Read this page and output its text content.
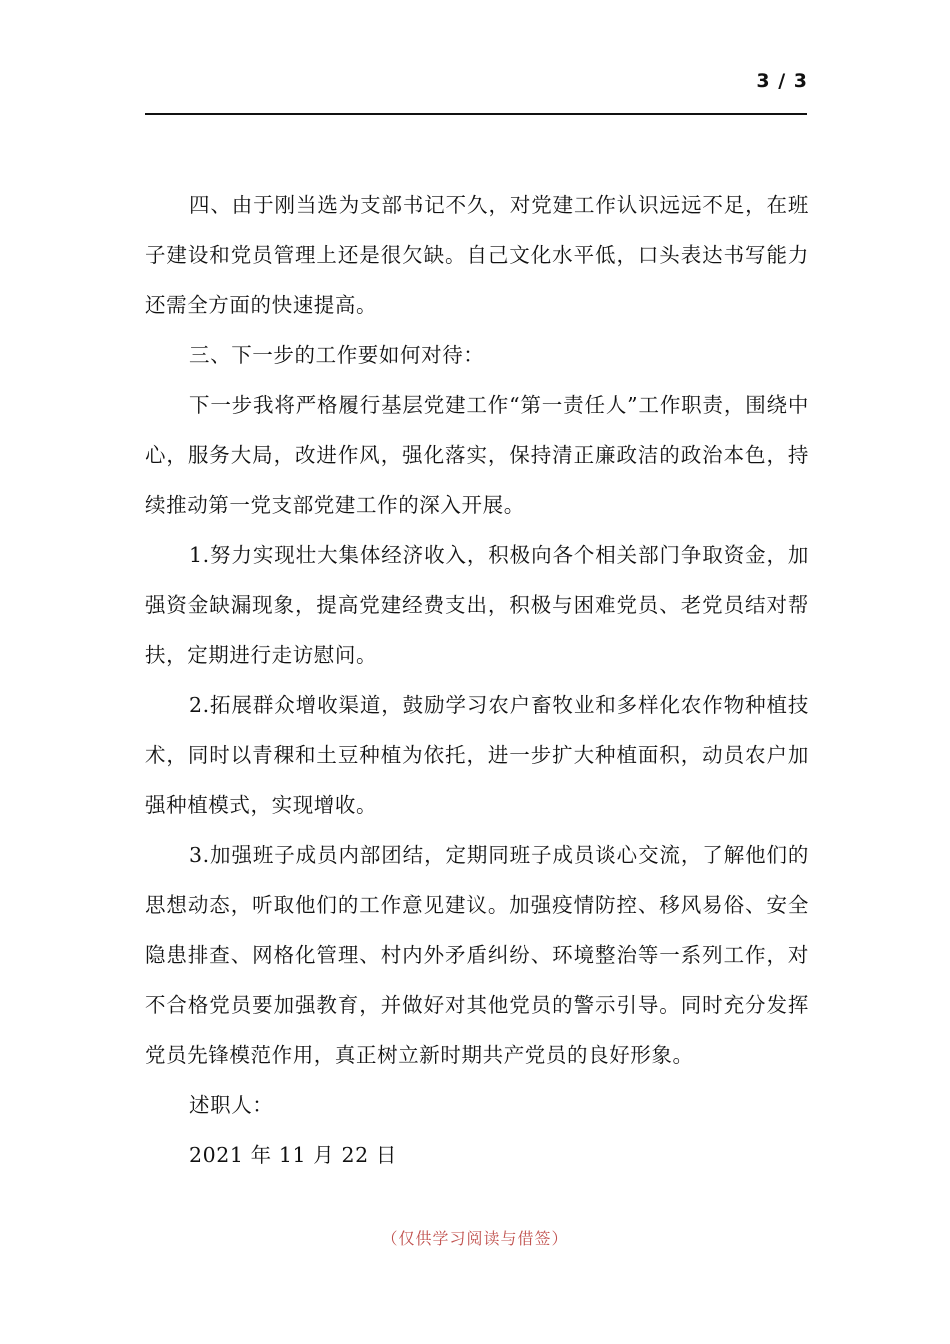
3 / 3

四、由于刚当选为支部书记不久，对党建工作认识远远不足，在班子建设和党员管理上还是很欠缺。自己文化水平低，口头表达书写能力还需全方面的快速提高。

三、下一步的工作要如何对待：

下一步我将严格履行基层党建工作“第一责任人”工作职责，围绕中心，服务大局，改进作风，强化落实，保持清正廉政洁的政治本色，持续推动第一党支部党建工作的深入开展。

1.努力实现壮大集体经济收入，积极向各个相关部门争取资金，加强资金缺漏现象，提高党建经费支出，积极与困难党员、老党员结对帮扶，定期进行走访慰问。

2.拓展群众增收渠道，鼓励学习农户畜牧业和多样化农作物种植技术，同时以青稞和土豆种植为依托，进一步扩大种植面积，动员农户加强种植模式，实现增收。

3.加强班子成员内部团结，定期同班子成员谈心交流，了解他们的思想动态，听取他们的工作意见建议。加强疫情防控、移风易俗、安全隐患排查、网格化管理、村内外矛盾纠纷、环境整治等一系列工作，对不合格党员要加强教育，并做好对其他党员的警示引导。同时充分发挥党员先锋模范作用，真正树立新时期共产党员的良好形象。

述职人：

2021 年 11 月 22 日

（仅供学习阅读与借签）
